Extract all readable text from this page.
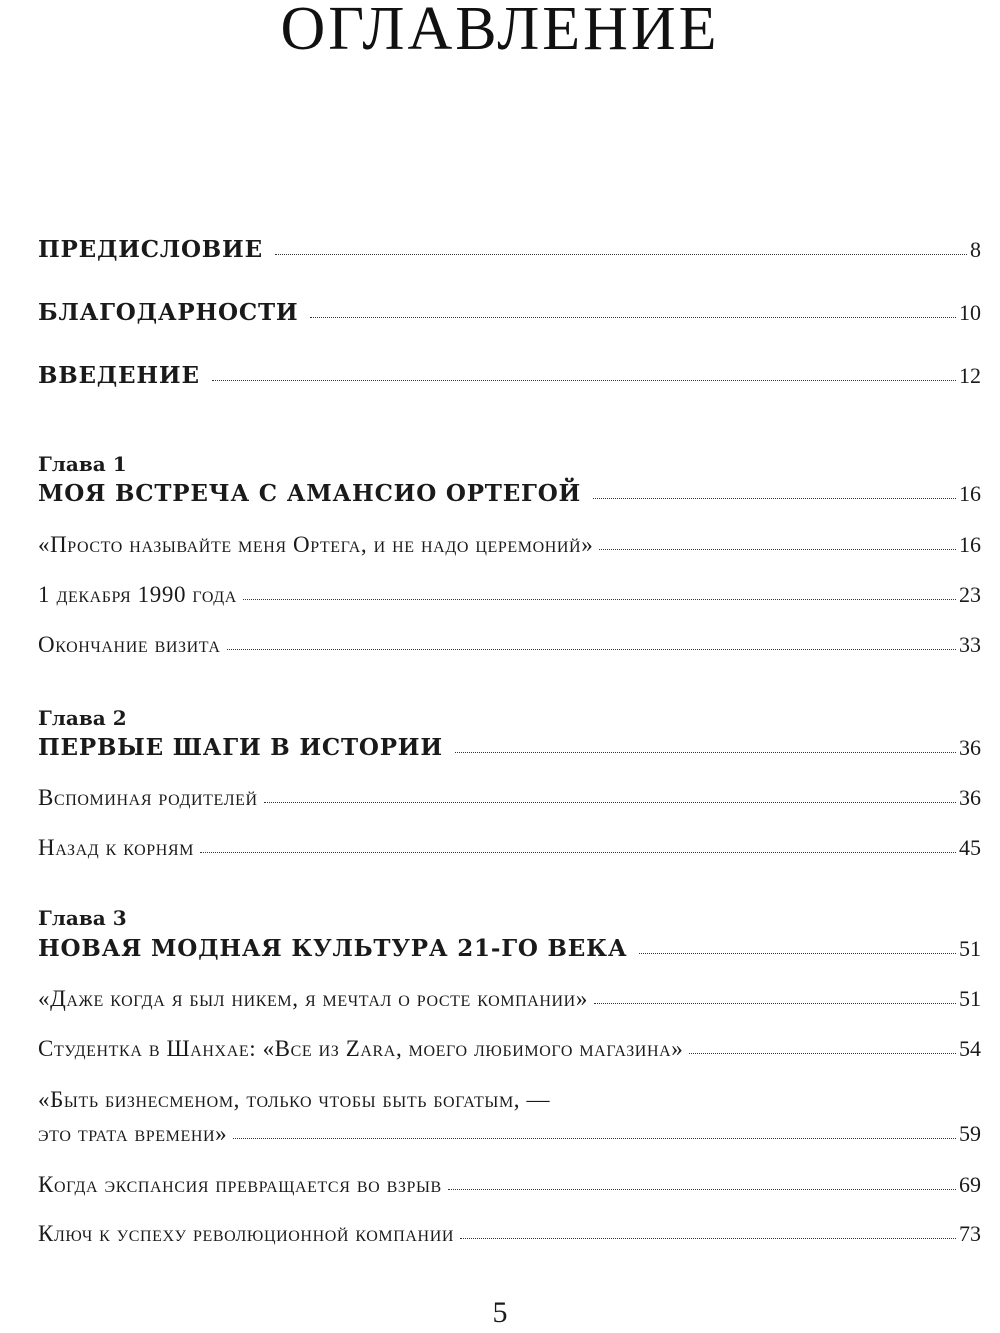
ОГЛАВЛЕНИЕ
ПРЕДИСЛОВИЕ	8
БЛАГОДАРНОСТИ	10
ВВЕДЕНИЕ	12
Глава 1
МОЯ ВСТРЕЧА С АМАНСИО ОРТЕГОЙ	16
«Просто называйте меня Ортега, и не надо церемоний»	16
1 декабря 1990 года	23
Окончание визита	33
Глава 2
ПЕРВЫЕ ШАГИ В ИСТОРИИ	36
Вспоминая родителей	36
Назад к корням	45
Глава 3
НОВАЯ МОДНАЯ КУЛЬТУРА 21-ГО ВЕКА	51
«Даже когда я был никем, я мечтал о росте компании»	51
Студентка в Шанхае: «Все из Zara, моего любимого магазина»	54
«Быть бизнесменом, только чтобы быть богатым, —
это трата времени»	59
Когда экспансия превращается во взрыв	69
Ключ к успеху революционной компании	73
5
